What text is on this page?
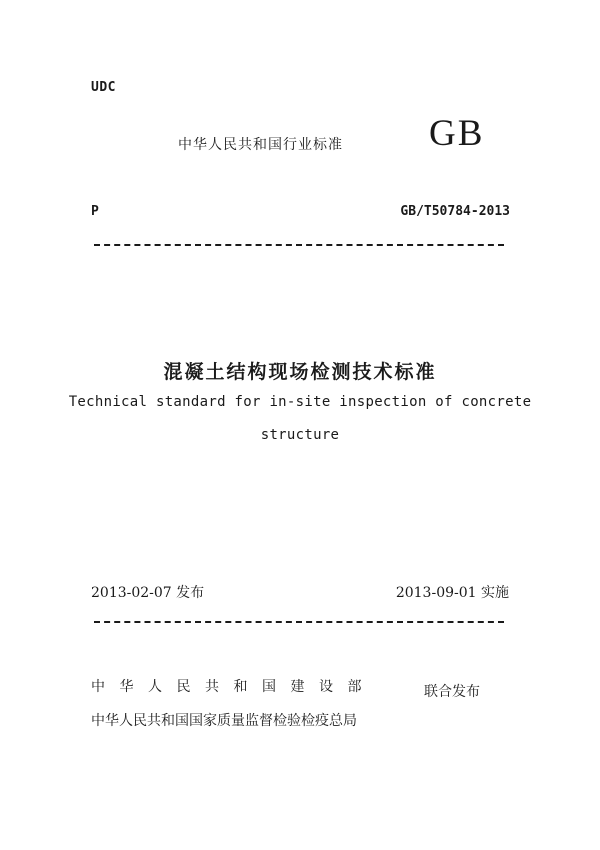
UDC
中华人民共和国行业标准 GB
P	GB/T50784-2013
混凝土结构现场检测技术标准
Technical standard for in-site inspection of concrete
structure
2013-02-07 发布	2013-09-01 实施
中华人民共和国建设部
中华人民共和国国家质量监督检验检疫总局
联合发布
